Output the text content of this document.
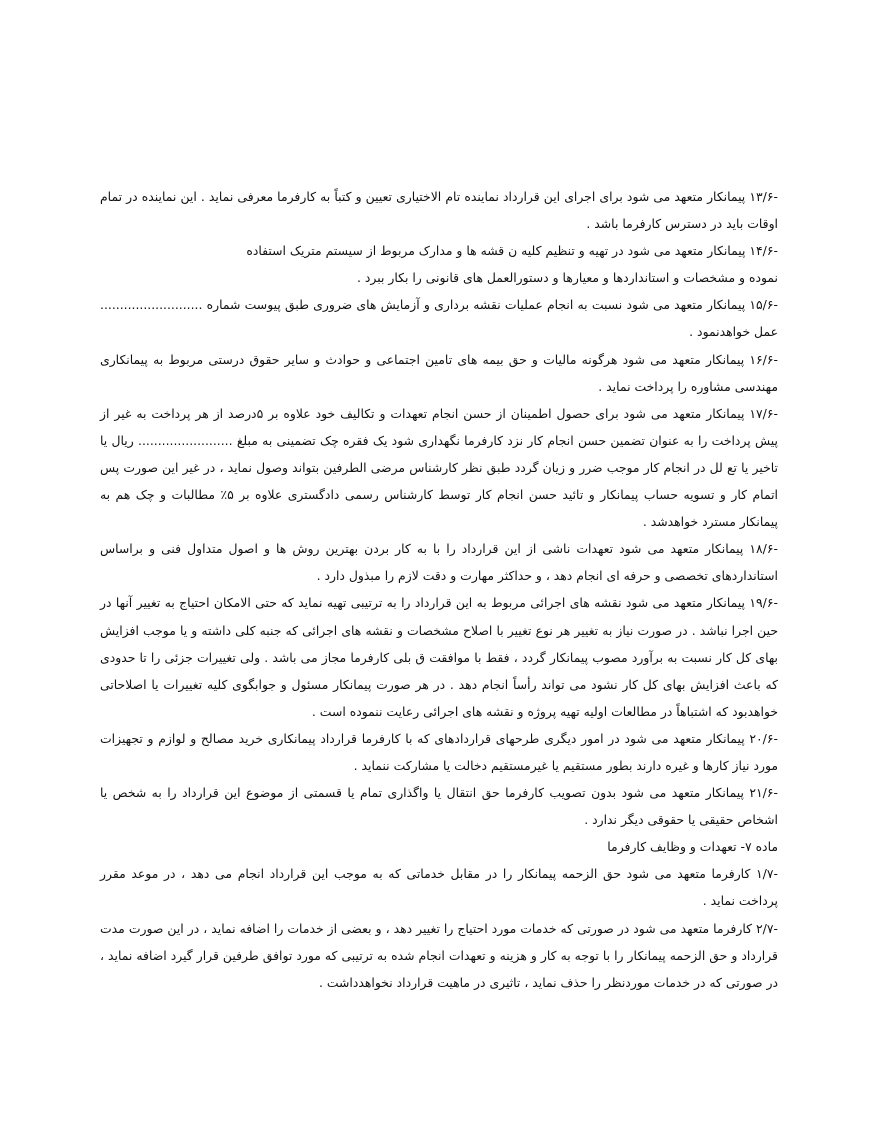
-۱۳/۶ پیمانکار متعهد می شود برای اجرای این قرارداد نماینده تام الاختیاری تعیین و کتباً به کارفرما معرفی نماید . این نماینده در تمام اوقات باید در دسترس کارفرما باشد .

-۱۴/۶ پیمانکار متعهد می شود در تهیه و تنظیم کلیه ن قشه ها و مدارک مربوط از سیستم متریک استفاده

نموده و مشخصات و استانداردها و معیارها و دستورالعمل های قانونی را بکار ببرد .

-۱۵/۶ پیمانکار متعهد می شود نسبت به انجام عملیات نقشه برداری و آزمایش های ضروری طبق پیوست شماره .......................... عمل خواهدنمود .

-۱۶/۶ پیمانکار متعهد می شود هرگونه مالیات و حق بیمه های تامین اجتماعی و حوادث و سایر حقوق درستی مربوط به پیمانکاری مهندسی مشاوره را پرداخت نماید .

-۱۷/۶ پیمانکار متعهد می شود برای حصول اطمینان از حسن انجام تعهدات و تکالیف خود علاوه بر ۵درصد از هر پرداخت به غیر از پیش پرداخت را به عنوان تضمین حسن انجام کار نزد کارفرما نگهداری شود یک فقره چک تضمینی به مبلغ ........................ ریال یا تاخیر یا تع لل در انجام کار موجب ضرر و زیان گردد طبق نظر کارشناس مرضی الطرفین بتواند وصول نماید ، در غیر این صورت پس اتمام کار و تسویه حساب پیمانکار و تائید حسن انجام کار توسط کارشناس رسمی دادگستری علاوه بر ۵٪ مطالبات و چک هم به پیمانکار مسترد خواهدشد .

-۱۸/۶ پیمانکار متعهد می شود تعهدات ناشی از این قرارداد را با به کار بردن بهترین روش ها و اصول متداول فنی و براساس استانداردهای تخصصی و حرفه ای انجام دهد ، و حداکثر مهارت و دقت لازم را مبذول دارد .

-۱۹/۶ پیمانکار متعهد می شود نقشه های اجرائی مربوط به این قرارداد را به ترتیبی تهیه نماید که حتی الامکان احتیاج به تغییر آنها در حین اجرا نباشد . در صورت نیاز به تغییر هر نوع تغییر با اصلاح مشخصات و نقشه های اجرائی که جنبه کلی داشته و یا موجب افزایش بهای کل کار نسبت به برآورد مصوب پیمانکار گردد ، فقط با موافقت ق بلی کارفرما مجاز می باشد . ولی تغییرات جزئی را تا حدودی که باعث افزایش بهای کل کار نشود می تواند رأساً انجام دهد . در هر صورت پیمانکار مسئول و جوابگوی کلیه تغییرات یا اصلاحاتی خواهدبود که اشتباهاً در مطالعات اولیه تهیه پروژه و نقشه های اجرائی رعایت ننموده است .

-۲۰/۶ پیمانکار متعهد می شود در امور دیگری طرحهای قراردادهای که با کارفرما قرارداد پیمانکاری خرید مصالح و لوازم و تجهیزات مورد نیاز کارها و غیره دارند بطور مستقیم یا غیرمستقیم دخالت یا مشارکت ننماید .

-۲۱/۶ پیمانکار متعهد می شود بدون تصویب کارفرما حق انتقال یا واگذاری تمام یا قسمتی از موضوع این قرارداد را به شخص یا اشخاص حقیقی یا حقوقی دیگر ندارد .

ماده ۷- تعهدات و وظایف کارفرما

-۱/۷ کارفرما متعهد می شود حق الزحمه پیمانکار را در مقابل خدماتی که به موجب این قرارداد انجام می دهد ، در موعد مقرر پرداخت نماید .

-۲/۷ کارفرما متعهد می شود در صورتی که خدمات مورد احتیاج را تغییر دهد ، و بعضی از خدمات را اضافه نماید ، در این صورت مدت قرارداد و حق الزحمه پیمانکار را با توجه به کار و هزینه و تعهدات انجام شده به ترتیبی که مورد توافق طرفین قرار گیرد اضافه نماید ، در صورتی که در خدمات موردنظر را حذف نماید ، تاثیری در ماهیت قرارداد نخواهدداشت .
